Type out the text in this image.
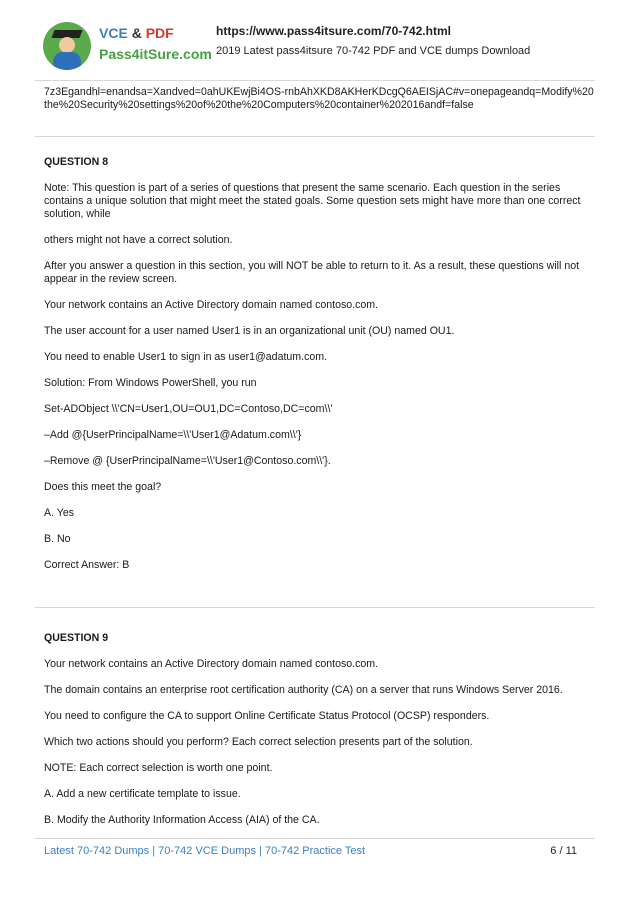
VCE & PDF
Pass4itSure.com
https://www.pass4itsure.com/70-742.html
2019 Latest pass4itsure 70-742 PDF and VCE dumps Download

7z3Egandhl=enandsa=Xandved=0ahUKEwjBi4OS-rnbAhXKD8AKHerKDcgQ6AEISjAC#v=onepageandq=Modify%20the%20Security%20settings%20of%20the%20Computers%20container%202016andf=false

QUESTION 8

Note: This question is part of a series of questions that present the same scenario. Each question in the series contains a unique solution that might meet the stated goals. Some question sets might have more than one correct solution, while

others might not have a correct solution.

After you answer a question in this section, you will NOT be able to return to it. As a result, these questions will not appear in the review screen.

Your network contains an Active Directory domain named contoso.com.

The user account for a user named User1 is in an organizational unit (OU) named OU1.

You need to enable User1 to sign in as user1@adatum.com.

Solution: From Windows PowerShell, you run

Set-ADObject \\'CN=User1,OU=OU1,DC=Contoso,DC=com\\'

–Add @{UserPrincipalName=\\'User1@Adatum.com\\'}

–Remove @ {UserPrincipalName=\\'User1@Contoso.com\\'}.

Does this meet the goal?

A. Yes

B. No

Correct Answer: B

QUESTION 9

Your network contains an Active Directory domain named contoso.com.

The domain contains an enterprise root certification authority (CA) on a server that runs Windows Server 2016.

You need to configure the CA to support Online Certificate Status Protocol (OCSP) responders.

Which two actions should you perform? Each correct selection presents part of the solution.

NOTE: Each correct selection is worth one point.

A. Add a new certificate template to issue.

B. Modify the Authority Information Access (AIA) of the CA.

Latest 70-742 Dumps | 70-742 VCE Dumps | 70-742 Practice Test	6 / 11
